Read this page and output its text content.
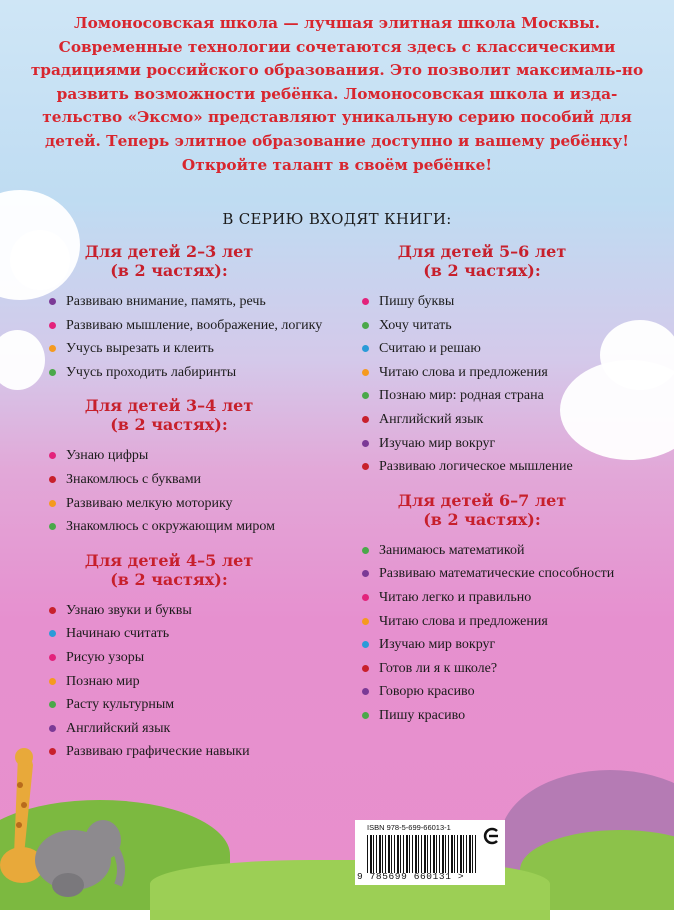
Ломоносовская школа — лучшая элитная школа Москвы. Современные технологии сочетаются здесь с классическими традициями российского образования. Это позволит максималь-но развить возможности ребёнка. Ломоносовская школа и изда-тельство «Эксмо» представляют уникальную серию пособий для детей. Теперь элитное образование доступно и вашему ребёнку! Откройте талант в своём ребёнке!

В СЕРИЮ ВХОДЯТ КНИГИ:
Для детей 2–3 лет
(в 2 частях):
Развиваю внимание, память, речь
Развиваю мышление, воображение, логику
Учусь вырезать и клеить
Учусь проходить лабиринты
Для детей 3–4 лет
(в 2 частях):
Узнаю цифры
Знакомлюсь с буквами
Развиваю мелкую моторику
Знакомлюсь с окружающим миром
Для детей 4–5 лет
(в 2 частях):
Узнаю звуки и буквы
Начинаю считать
Рисую узоры
Познаю мир
Расту культурным
Английский язык
Развиваю графические навыки
Для детей 5–6 лет
(в 2 частях):
Пишу буквы
Хочу читать
Считаю и решаю
Читаю слова и предложения
Познаю мир: родная страна
Английский язык
Изучаю мир вокруг
Развиваю логическое мышление
Для детей 6–7 лет
(в 2 частях):
Занимаюсь математикой
Развиваю математические способности
Читаю легко и правильно
Читаю слова и предложения
Изучаю мир вокруг
Готов ли я к школе?
Говорю красиво
Пишу красиво
ISBN 978-5-699-66013-1
9 785699 660131 >
